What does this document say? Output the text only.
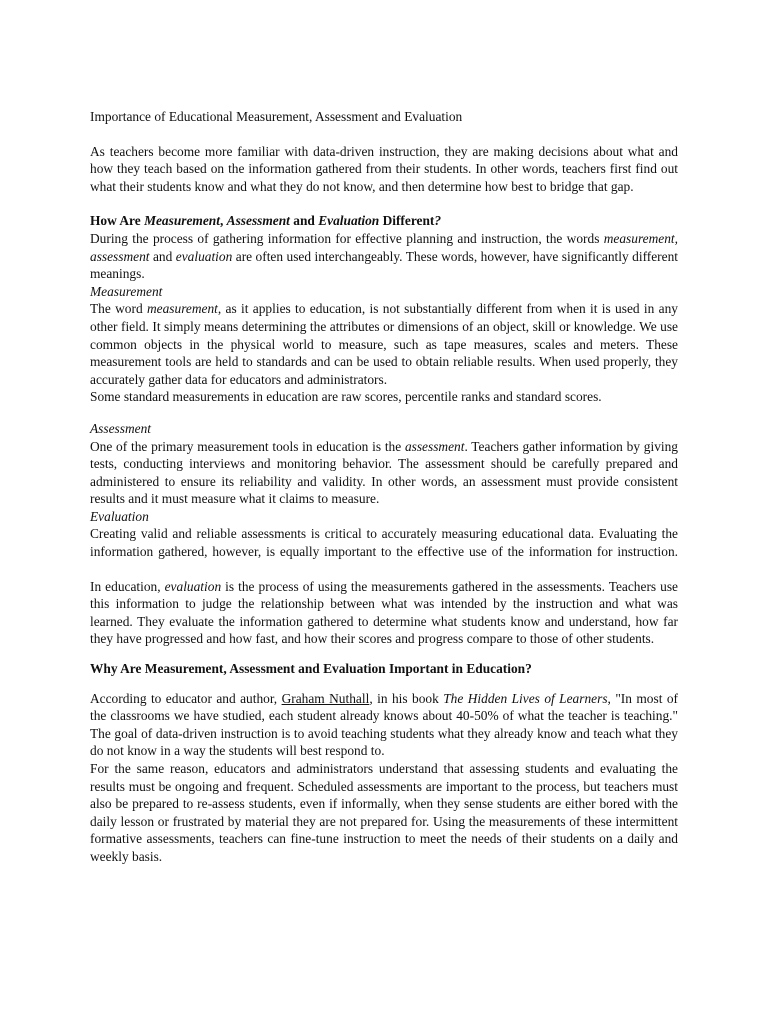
Importance of Educational Measurement, Assessment and Evaluation

As teachers become more familiar with data-driven instruction, they are making decisions about what and how they teach based on the information gathered from their students. In other words, teachers first find out what their students know and what they do not know, and then determine how best to bridge that gap.

How Are Measurement, Assessment and Evaluation Different?

During the process of gathering information for effective planning and instruction, the words measurement, assessment and evaluation are often used interchangeably. These words, however, have significantly different meanings.

Measurement

The word measurement, as it applies to education, is not substantially different from when it is used in any other field. It simply means determining the attributes or dimensions of an object, skill or knowledge. We use common objects in the physical world to measure, such as tape measures, scales and meters. These measurement tools are held to standards and can be used to obtain reliable results. When used properly, they accurately gather data for educators and administrators.

Some standard measurements in education are raw scores, percentile ranks and standard scores.

Assessment

One of the primary measurement tools in education is the assessment. Teachers gather information by giving tests, conducting interviews and monitoring behavior. The assessment should be carefully prepared and administered to ensure its reliability and validity. In other words, an assessment must provide consistent results and it must measure what it claims to measure.

Evaluation

Creating valid and reliable assessments is critical to accurately measuring educational data. Evaluating the information gathered, however, is equally important to the effective use of the information for instruction.

In education, evaluation is the process of using the measurements gathered in the assessments. Teachers use this information to judge the relationship between what was intended by the instruction and what was learned. They evaluate the information gathered to determine what students know and understand, how far they have progressed and how fast, and how their scores and progress compare to those of other students.

Why Are Measurement, Assessment and Evaluation Important in Education?

According to educator and author, Graham Nuthall, in his book The Hidden Lives of Learners, "In most of the classrooms we have studied, each student already knows about 40-50% of what the teacher is teaching." The goal of data-driven instruction is to avoid teaching students what they already know and teach what they do not know in a way the students will best respond to.

For the same reason, educators and administrators understand that assessing students and evaluating the results must be ongoing and frequent. Scheduled assessments are important to the process, but teachers must also be prepared to re-assess students, even if informally, when they sense students are either bored with the daily lesson or frustrated by material they are not prepared for. Using the measurements of these intermittent formative assessments, teachers can fine-tune instruction to meet the needs of their students on a daily and weekly basis.
